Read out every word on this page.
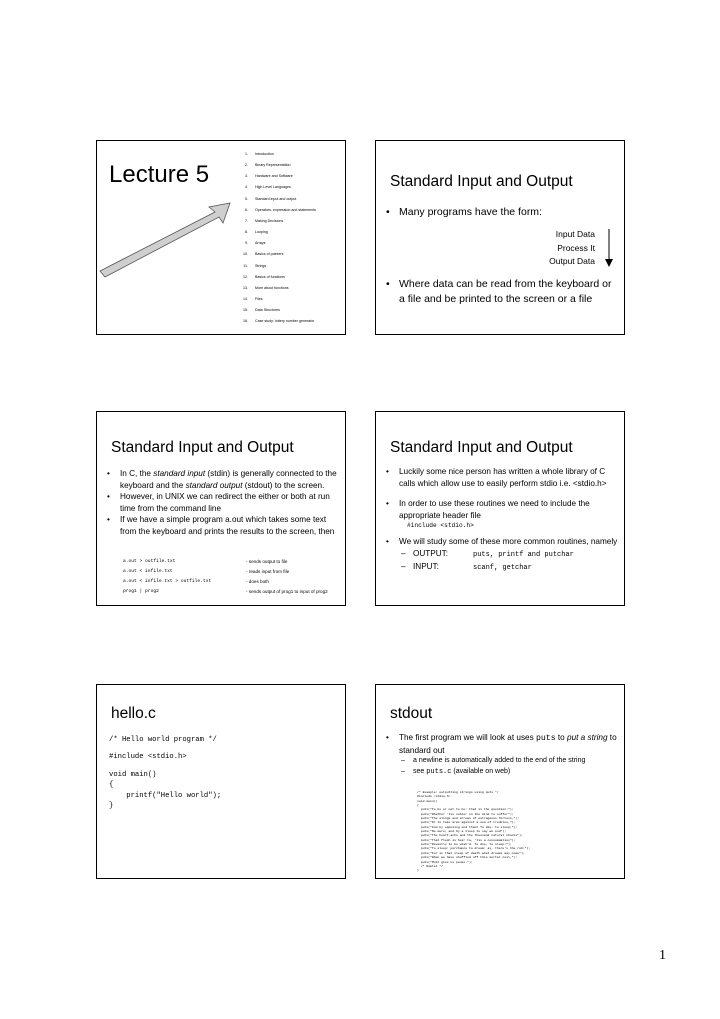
Lecture 5
1.	Introduction
2.	Binary Representation
3.	Hardware and Software
4.	High Level Languages
5.	Standard input and output
6.	Operators, expression and statements
7.	Making Decisions
8.	Looping
9.	Arrays
10.	Basics of pointers
11.	Strings
12.	Basics of functions
13.	More about functions
14.	Files
15.	Data Structures
16.	Case study: lottery number generator
Standard Input and Output
• Many programs have the form:
Input Data
Process It
Output Data
• Where data can be read from the keyboard or a file and be printed to the screen or a file
Standard Input and Output
• In C, the standard input (stdin) is generally connected to the keyboard and the standard output (stdout) to the screen.
• However, in UNIX we can redirect the either or both at run time from the command line
• If we have a simple program a.out which takes some text from the keyboard and prints the results to the screen, then
a.out > outfile.txt	- sends output to file
a.out < infile.txt	- reads input from file
a.out < infile.txt > outfile.txt	- does both
prog1 | prog2	- sends output of prog1 to input of prog2
Standard Input and Output
• Luckily some nice person has written a whole library of C calls which allow use to easily perform stdio i.e. <stdio.h>
• In order to use these routines we need to include the appropriate header file
#include <stdio.h>
• We will study some of these more common routines, namely
– OUTPUT:	puts, printf and putchar
– INPUT:	scanf, getchar
hello.c
/* Hello world program */
#include <stdio.h>
void main()
{
printf("Hello world");
}
stdout
• The first program we will look at uses puts to put a string to standard out
– a newline is automatically added to the end of the string
– see puts.c (available on web)
/* Example: outputting strings using puts */
#include <stdio.h>
void main()
{
puts("To be or not to be: that is the question:");
puts("Whether 'tis nobler in the mind to suffer");
puts("The slings and arrows of outrageous fortune,");
puts("Or to take arms against a sea of troubles,");
puts("And by opposing end them? To die: to sleep;");
puts("No more; and by a sleep to say we end");
puts("The heart-ache and the thousand natural shocks");
puts("That flesh is heir to, 'tis a consummation");
puts("Devoutly to be wish'd. To die, to sleep;");
puts("To sleep: perchance to dream: ay, there's the rub;");
puts("For in that sleep of death what dreams may come");
puts("When we have shuffled off this mortal coil,");
puts("Must give us pause.");
/* Hamlet */
}
1
